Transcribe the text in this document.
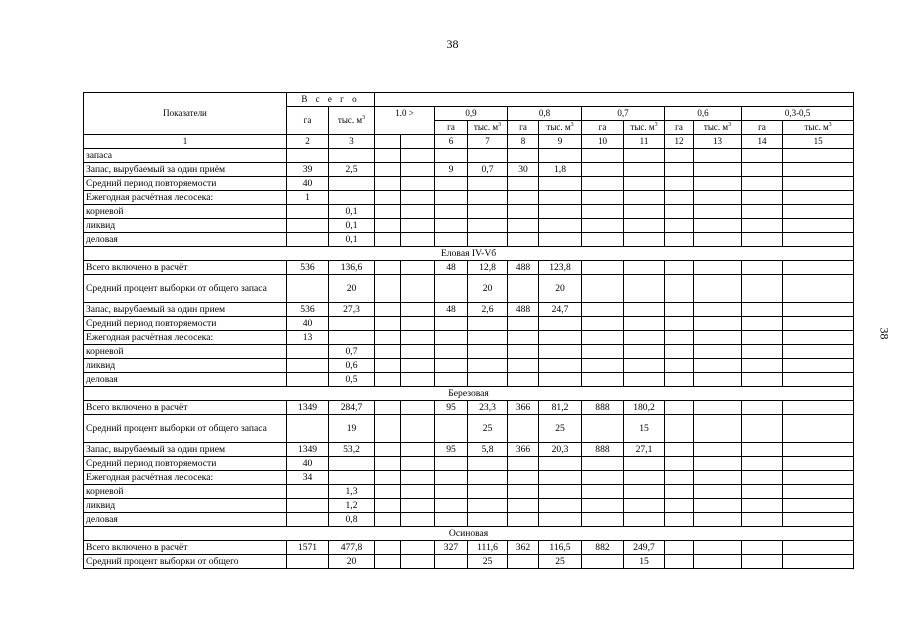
38
38
Показатели	В с е г о													
	га	тыс. $м^3$	1.0 >		0,9		0,8		0,7		0,6		0,3-0,5	
					га	тыс. $м^3$	га	тыс. $м^3$	га	тыс. $м^3$	га	тыс. $м^3$	га	тыс. $м^3$
1	2	3			6	7	8	9	10	11	12	13	14	15
запаса														
Запас, вырубаемый за один приём	39	2,5			9	0,7	30	1,8						
Средний период повторяемости	40													
Ежегодная расчётная лесосека:	1													
корневой		0,1												
ликвид		0,1												
деловая		0,1												
Еловая IV-Vб														
Всего включено в расчёт	536	136,6			48	12,8	488	123,8						
Средний процент выборки от общего запаса		20				20		20						
Запас, вырубаемый за один прием	536	27,3			48	2,6	488	24,7						
Средний период повторяемости	40													
Ежегодная расчётная лесосека:	13													
корневой		0,7												
ликвид		0,6												
деловая		0,5												
Березовая														
Всего включено в расчёт	1349	284,7			95	23,3	366	81,2	888	180,2				
Средний процент выборки от общего запаса		19				25		25		15				
Запас, вырубаемый за один прием	1349	53,2			95	5,8	366	20,3	888	27,1				
Средний период повторяемости	40													
Ежегодная расчётная лесосека:	34													
корневой		1,3												
ликвид		1,2												
деловая		0,8												
Осиновая														
Всего включено в расчёт	1571	477,8			327	111,6	362	116,5	882	249,7				
Средний процент выборки от общего		20				25		25		15				
